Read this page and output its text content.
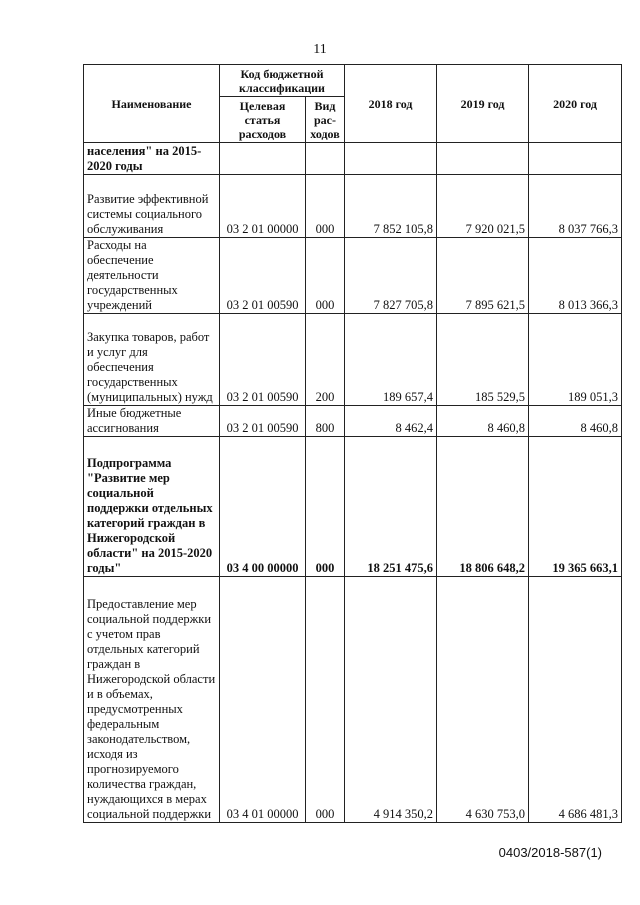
11
Наименование	Код бюджетной классификации		2018 год	2019 год	2020 год
	Целевая статья расходов	Вид рас-ходов			
населения" на 2015-2020 годы					
Развитие эффективной системы социального обслуживания	03 2 01 00000	000	7 852 105,8	7 920 021,5	8 037 766,3
Расходы на обеспечение деятельности государственных учреждений	03 2 01 00590	000	7 827 705,8	7 895 621,5	8 013 366,3
Закупка товаров, работ и услуг для обеспечения государственных (муниципальных) нужд	03 2 01 00590	200	189 657,4	185 529,5	189 051,3
Иные бюджетные ассигнования	03 2 01 00590	800	8 462,4	8 460,8	8 460,8
Подпрограмма "Развитие мер социальной поддержки отдельных категорий граждан в Нижегородской области" на 2015-2020 годы"	03 4 00 00000	000	18 251 475,6	18 806 648,2	19 365 663,1
Предоставление мер социальной поддержки с учетом прав отдельных категорий граждан в Нижегородской области и в объемах, предусмотренных федеральным законодательством, исходя из прогнозируемого количества граждан, нуждающихся в мерах социальной поддержки	03 4 01 00000	000	4 914 350,2	4 630 753,0	4 686 481,3
0403/2018-587(1)
